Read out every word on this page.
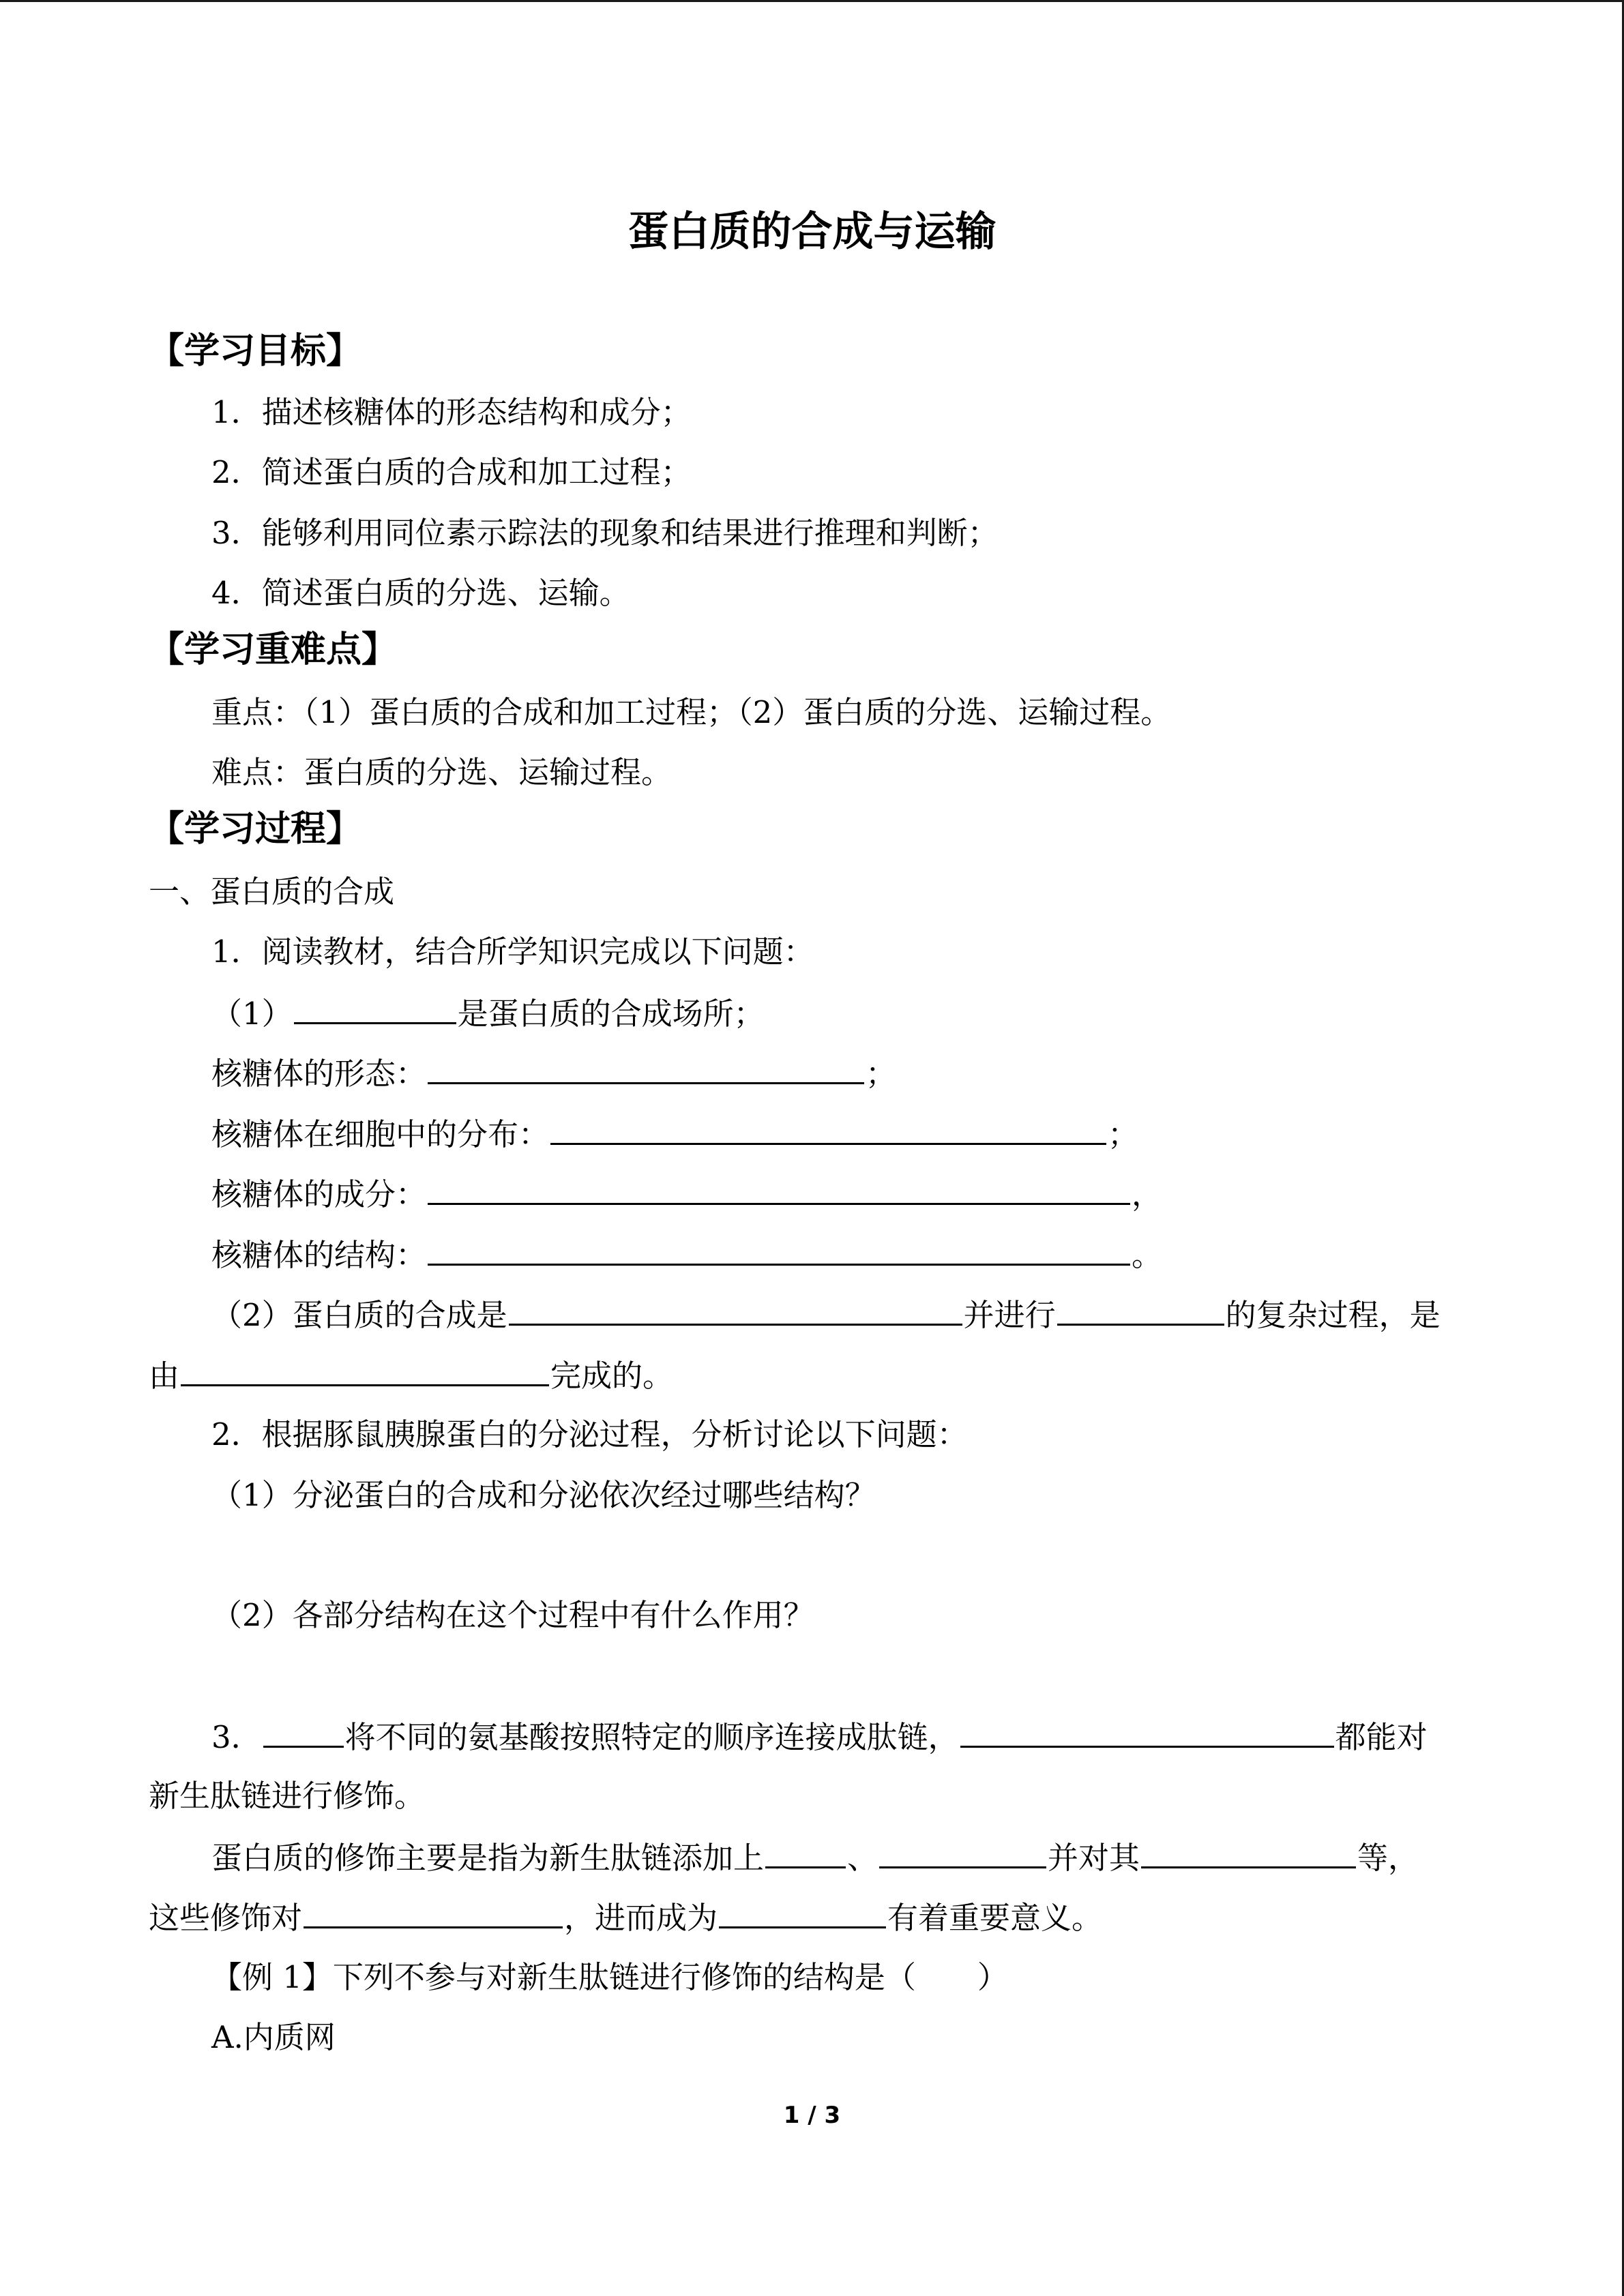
蛋白质的合成与运输
【学习目标】
1．描述核糖体的形态结构和成分；
2．简述蛋白质的合成和加工过程；
3．能够利用同位素示踪法的现象和结果进行推理和判断；
4．简述蛋白质的分选、运输。
【学习重难点】
重点：（1）蛋白质的合成和加工过程；（2）蛋白质的分选、运输过程。
难点：蛋白质的分选、运输过程。
【学习过程】
一、蛋白质的合成
1．阅读教材，结合所学知识完成以下问题：
（1）	是蛋白质的合成场所；
核糖体的形态：	；
核糖体在细胞中的分布：	；
核糖体的成分：	，
核糖体的结构：	。
（2）蛋白质的合成是	并进行	的复杂过程，是
由	完成的。
2．根据豚鼠胰腺蛋白的分泌过程，分析讨论以下问题：
（1）分泌蛋白的合成和分泌依次经过哪些结构？
（2）各部分结构在这个过程中有什么作用？
3．	将不同的氨基酸按照特定的顺序连接成肽链，	都能对
新生肽链进行修饰。
蛋白质的修饰主要是指为新生肽链添加上	、	并对其	等，
这些修饰对	，进而成为	有着重要意义。
【例 1】下列不参与对新生肽链进行修饰的结构是（　　）
A.内质网
1 / 3
